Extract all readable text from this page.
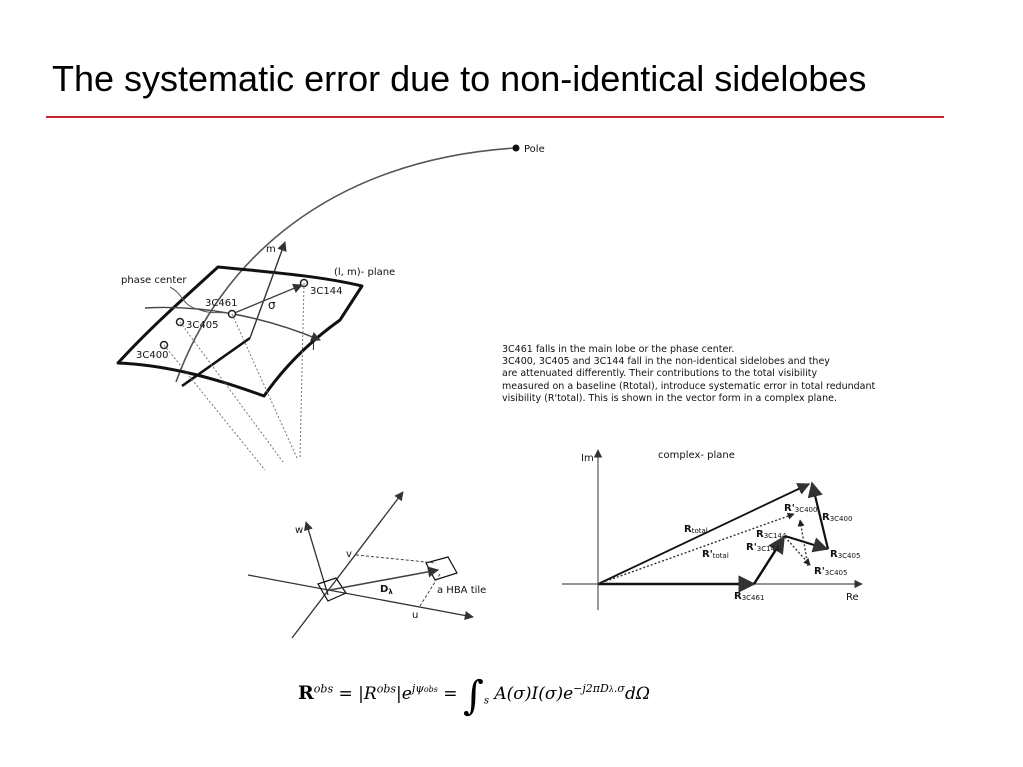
The systematic error due to non-identical sidelobes
Pole
m
l
(l, m)- plane
phase center
σ
3C461
3C144
3C405
3C400
w
u
v
$D_\lambda$	a HBA tile
Im
Re
complex- plane
Rtotal
R'total
R3C400
R'3C400
R3C144
R'3C144	R3C405
R'3C405
R3C461
3C461 falls in the main lobe or the phase center.
3C400, 3C405 and 3C144 fall in the non-identical sidelobes and they
are attenuated differently. Their contributions to the total visibility
measured on a baseline (Rtotal), introduce systematic error in total redundant
visibility (R'total). This is shown in the vector form in a complex plane.
$R^{obs} = |R^{obs}|e^{j\psi obs} = \int_s$ $A(\sigma)I(\sigma)e^{-j2\pi D\lambda.\sigma}d\Omega$
